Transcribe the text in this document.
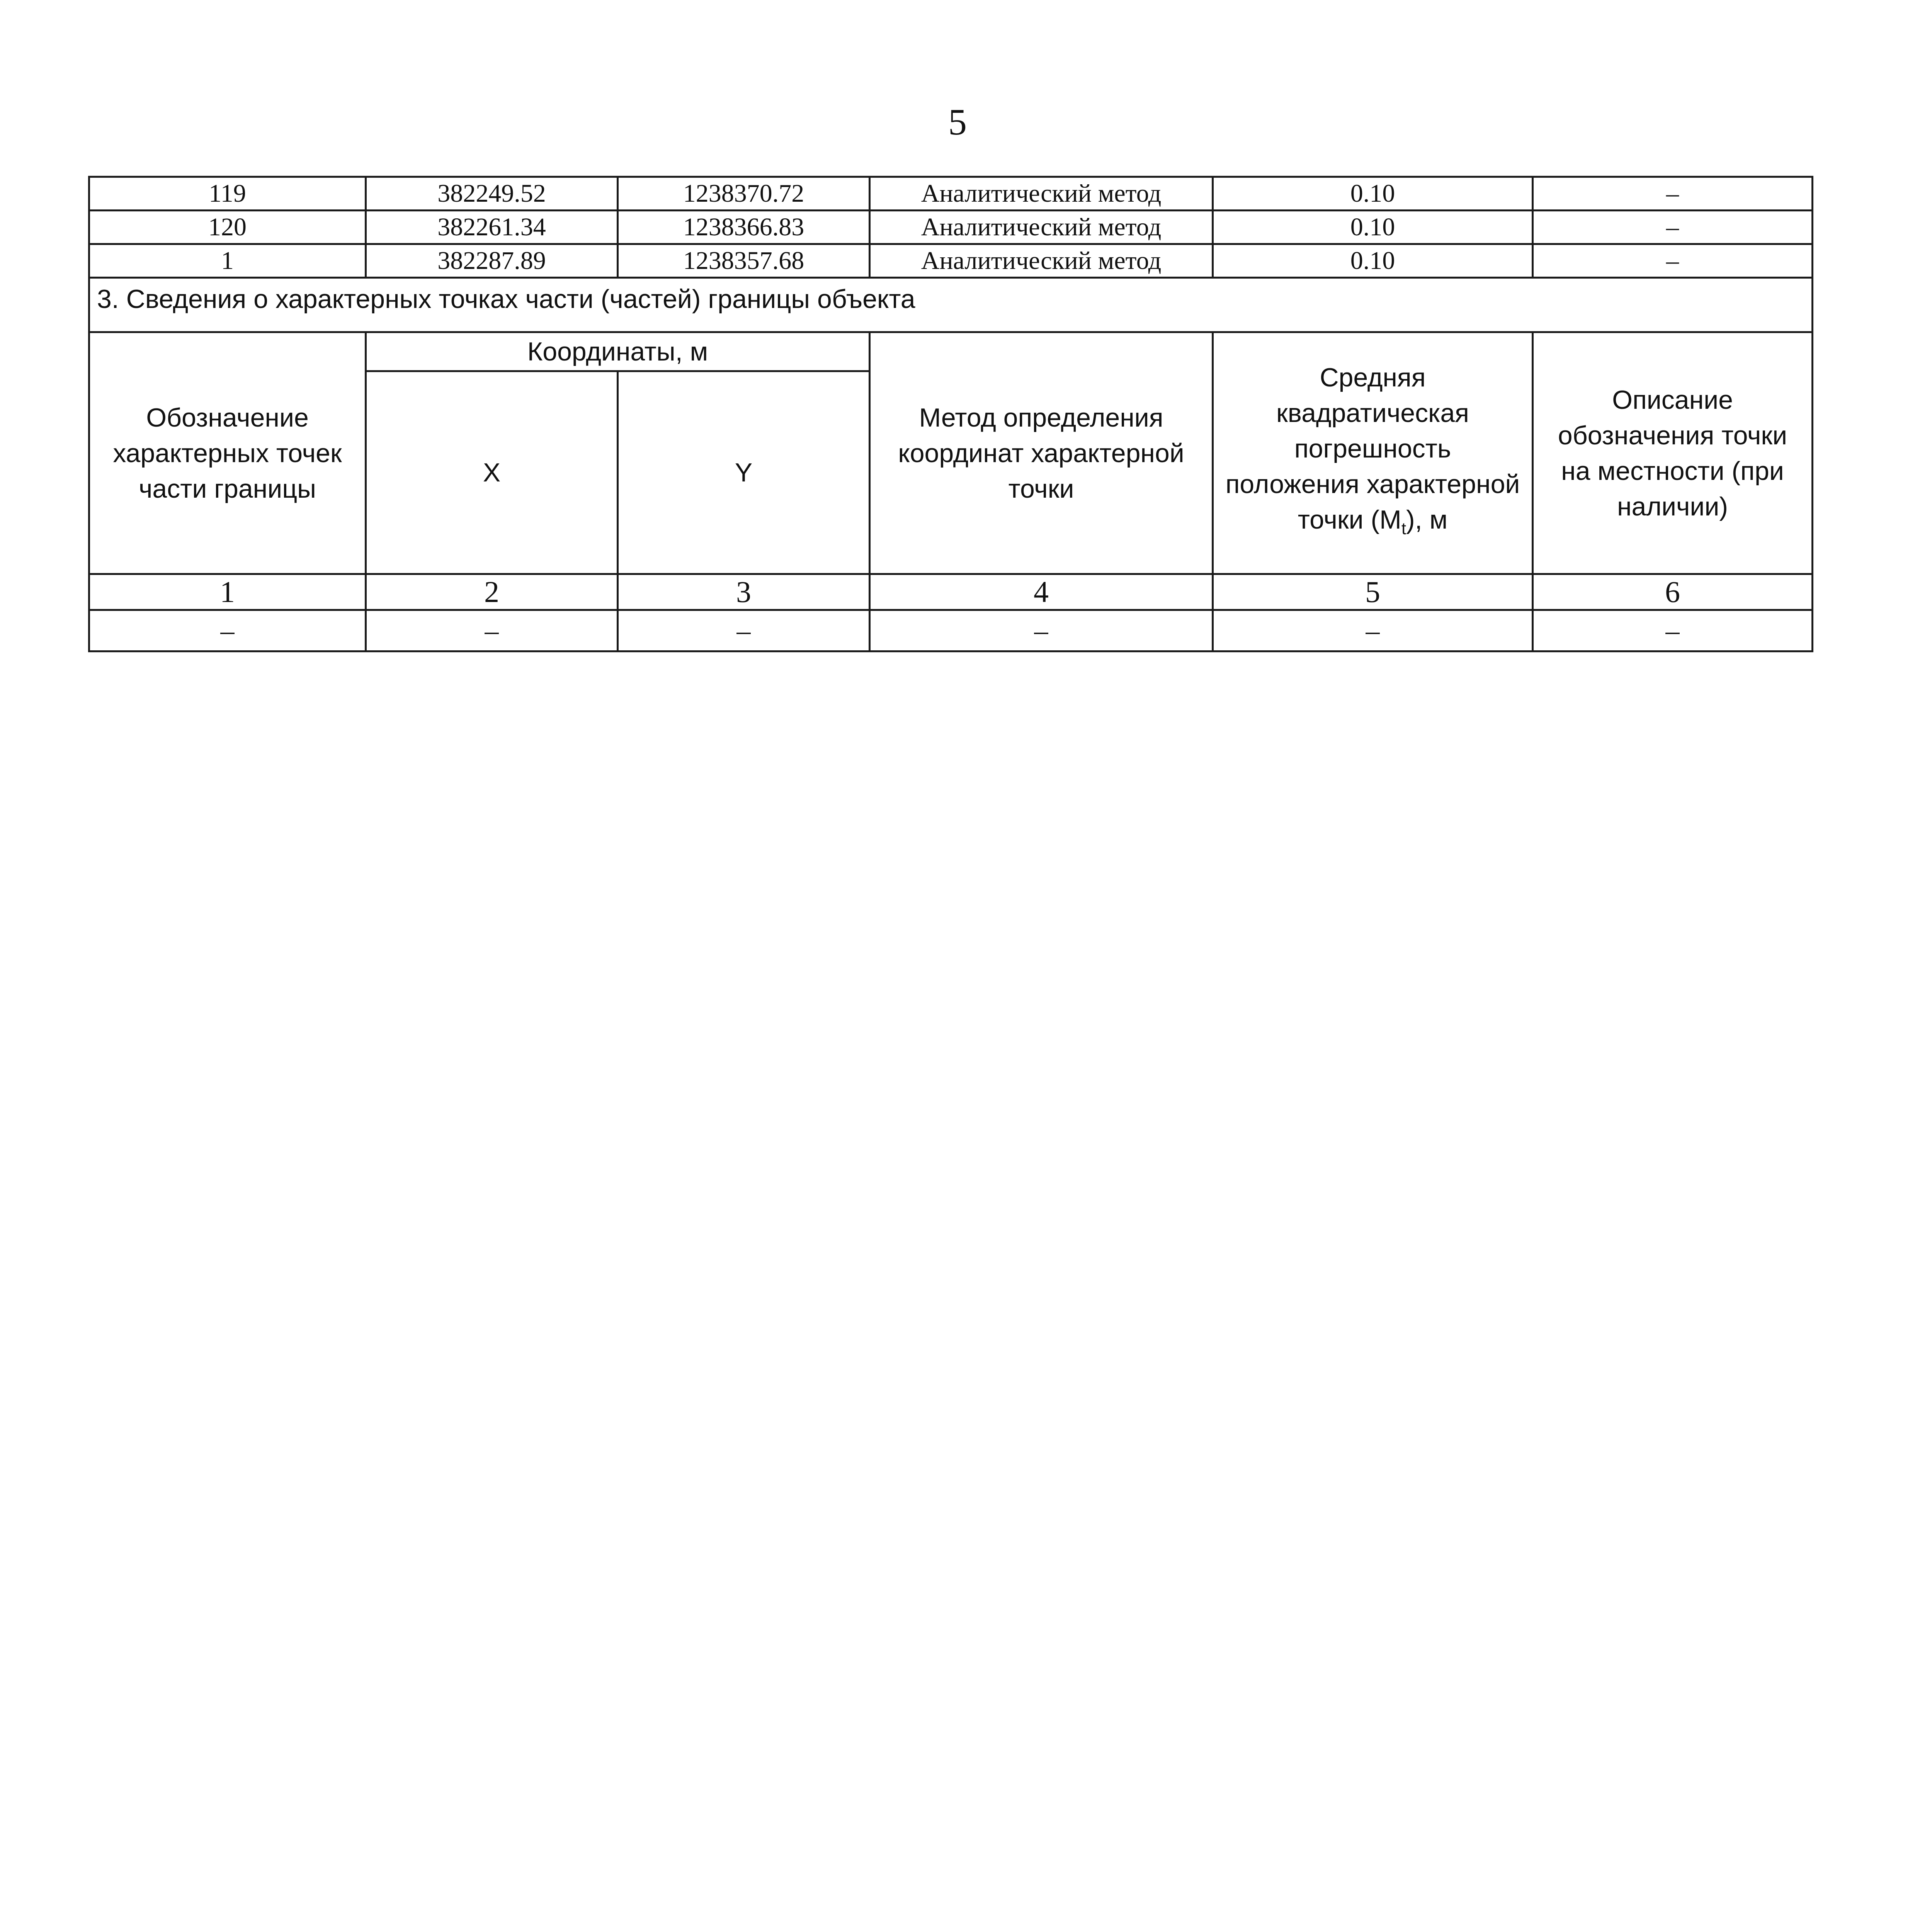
5
119	382249.52	1238370.72	Аналитический метод	0.10	–
120	382261.34	1238366.83	Аналитический метод	0.10	–
1	382287.89	1238357.68	Аналитический метод	0.10	–
3. Сведения о характерных точках части (частей) границы объекта					
Обозначение характерных точек части границы	Координаты, м		Метод определения координат характерной точки	Средняя квадратическая погрешность положения характерной точки $(M_t)$, м	Описание обозначения точки на местности (при наличии)
	X	Y			
1	2	3	4	5	6
–	–	–	–	–	–
